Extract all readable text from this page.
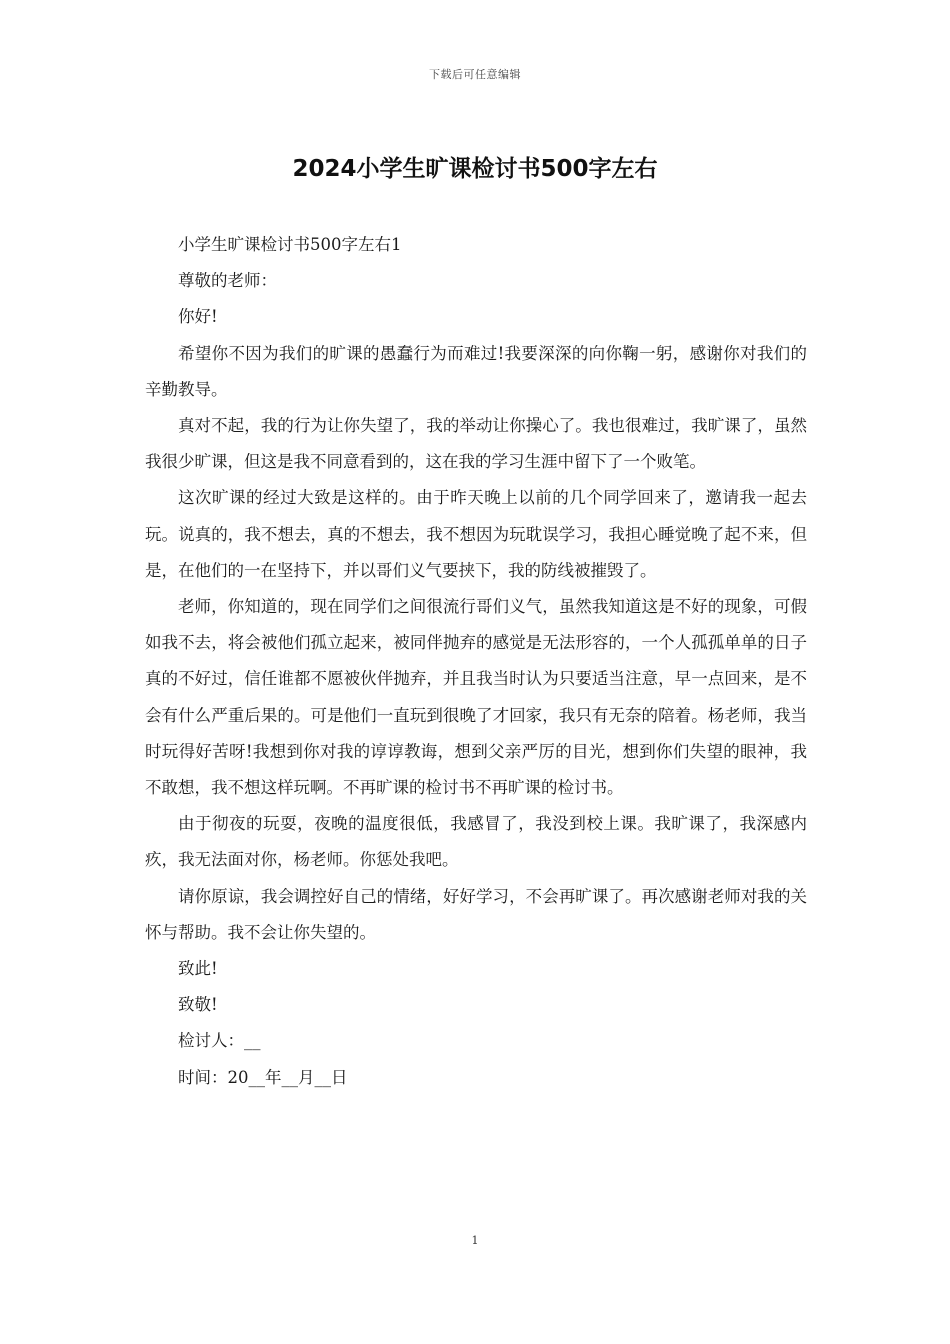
下载后可任意编辑
2024小学生旷课检讨书500字左右

小学生旷课检讨书500字左右1

尊敬的老师：

你好!

希望你不因为我们的旷课的愚蠢行为而难过!我要深深的向你鞠一躬，感谢你对我们的辛勤教导。

真对不起，我的行为让你失望了，我的举动让你操心了。我也很难过，我旷课了，虽然我很少旷课，但这是我不同意看到的，这在我的学习生涯中留下了一个败笔。

这次旷课的经过大致是这样的。由于昨天晚上以前的几个同学回来了，邀请我一起去玩。说真的，我不想去，真的不想去，我不想因为玩耽误学习，我担心睡觉晚了起不来，但是，在他们的一在坚持下，并以哥们义气要挟下，我的防线被摧毁了。

老师，你知道的，现在同学们之间很流行哥们义气，虽然我知道这是不好的现象，可假如我不去，将会被他们孤立起来，被同伴抛弃的感觉是无法形容的，一个人孤孤单单的日子真的不好过，信任谁都不愿被伙伴抛弃，并且我当时认为只要适当注意，早一点回来，是不会有什么严重后果的。可是他们一直玩到很晚了才回家，我只有无奈的陪着。杨老师，我当时玩得好苦呀!我想到你对我的谆谆教诲，想到父亲严厉的目光，想到你们失望的眼神，我不敢想，我不想这样玩啊。不再旷课的检讨书不再旷课的检讨书。

由于彻夜的玩耍，夜晚的温度很低，我感冒了，我没到校上课。我旷课了，我深感内疚，我无法面对你，杨老师。你惩处我吧。

请你原谅，我会调控好自己的情绪，好好学习，不会再旷课了。再次感谢老师对我的关怀与帮助。我不会让你失望的。

致此!

致敬!

检讨人：__

时间：20__年__月__日

1
